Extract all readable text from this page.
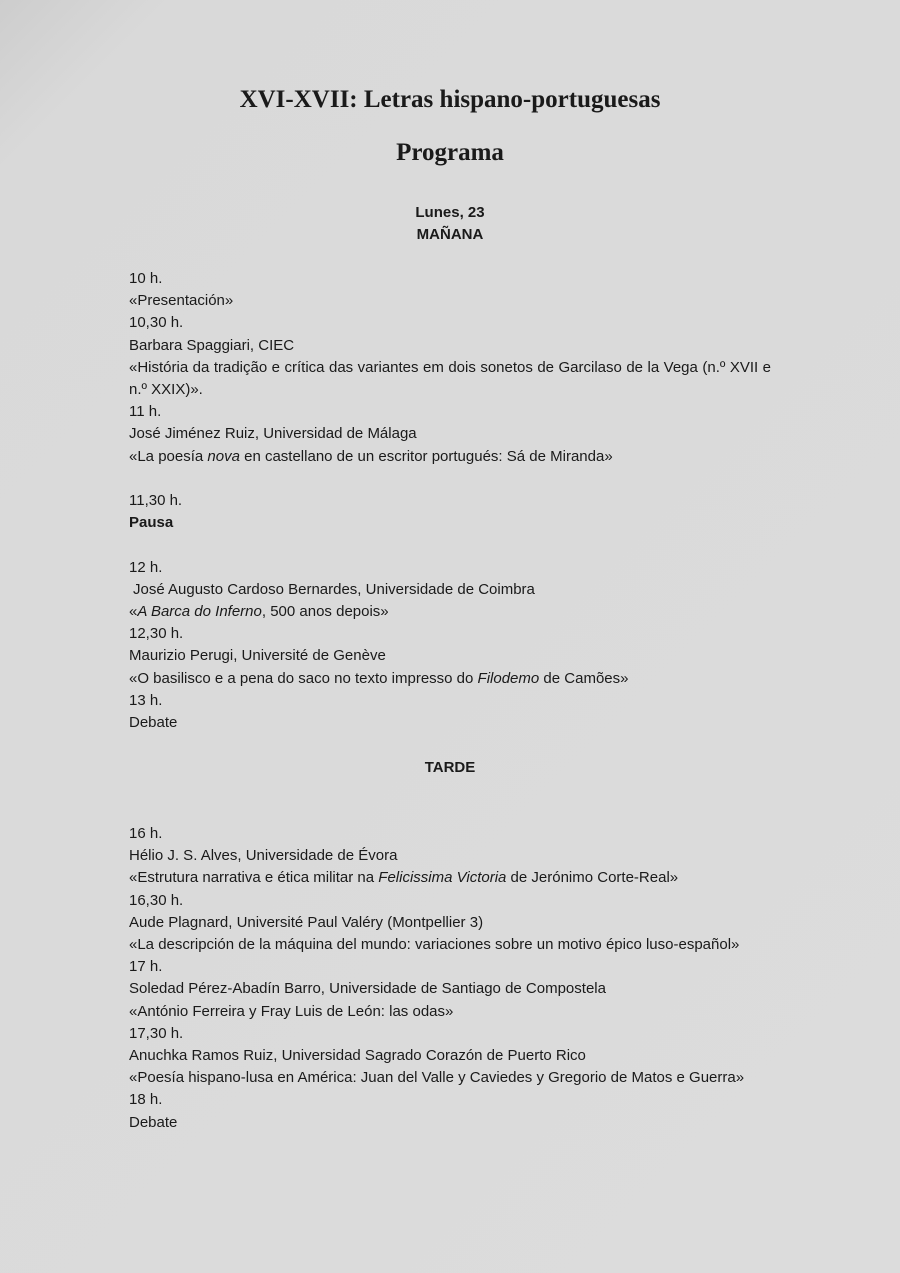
XVI-XVII: Letras hispano-portuguesas
Programa

Lunes, 23

MAÑANA

10 h.
«Presentación»
10,30 h.
Barbara Spaggiari, CIEC
«História da tradição e crítica das variantes em dois sonetos de Garcilaso de la Vega (n.º XVII e n.º XXIX)».
11 h.
José Jiménez Ruiz, Universidad de Málaga
«La poesía nova en castellano de un escritor portugués: Sá de Miranda»
11,30 h.
Pausa
12 h.
José Augusto Cardoso Bernardes, Universidade de Coimbra
«A Barca do Inferno, 500 anos depois»
12,30 h.
Maurizio Perugi, Université de Genève
«O basilisco e a pena do saco no texto impresso do Filodemo de Camões»
13 h.
Debate

TARDE

16 h.
Hélio J. S. Alves, Universidade de Évora
«Estrutura narrativa e ética militar na Felicissima Victoria de Jerónimo Corte-Real»
16,30 h.
Aude Plagnard, Université Paul Valéry (Montpellier 3)
«La descripción de la máquina del mundo: variaciones sobre un motivo épico luso-español»
17 h.
Soledad Pérez-Abadín Barro, Universidade de Santiago de Compostela
«António Ferreira y Fray Luis de León: las odas»
17,30 h.
Anuchka Ramos Ruiz, Universidad Sagrado Corazón de Puerto Rico
«Poesía hispano-lusa en América: Juan del Valle y Caviedes y Gregorio de Matos e Guerra»
18 h.
Debate
